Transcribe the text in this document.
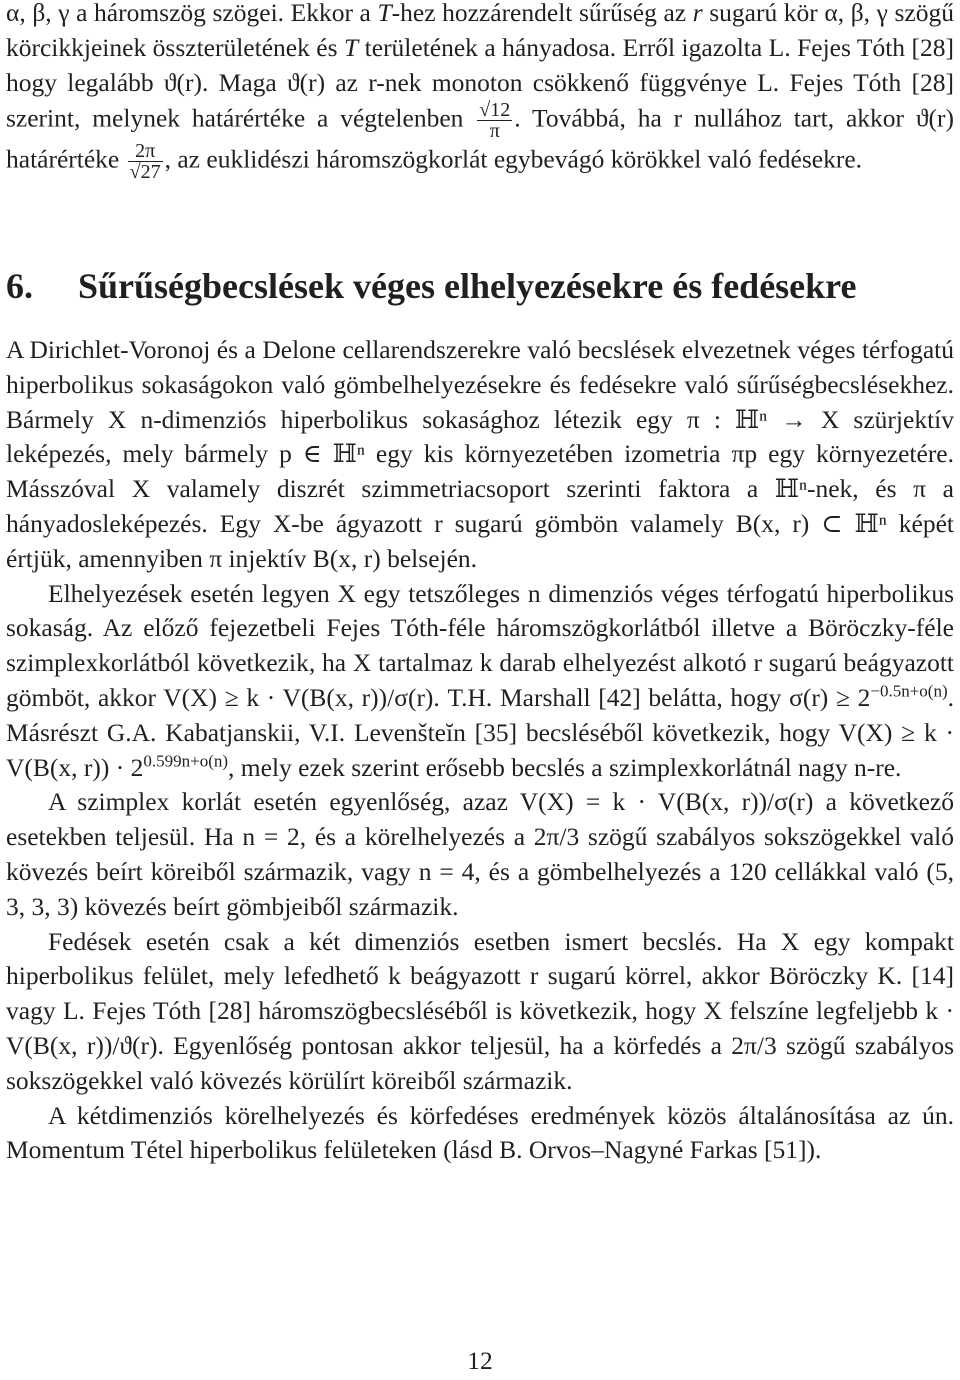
α, β, γ a háromszög szögei. Ekkor a T-hez hozzárendelt sűrűség az r sugarú kör α, β, γ szögű körcikkjeinek összterületének és T területének a hányadosa. Erről igazolta L. Fejes Tóth [28] hogy legalább ϑ(r). Maga ϑ(r) az r-nek monoton csökkenő függvénye L. Fejes Tóth [28] szerint, melynek határértéke a végtelenben $\frac{√12}{\pi}$ . Továbbá, ha r nullához tart, akkor ϑ(r) határértéke $\frac{2\pi}{√27}$ , az euklidészi háromszögkorlát egybevágó körökkel való fedésekre.
6. Sűrűségbecslések véges elhelyezésekre és fedésekre

A Dirichlet-Voronoj és a Delone cellarendszerekre való becslések elvezetnek véges térfogatú hiperbolikus sokaságokon való gömbelhelyezésekre és fedésekre való sűrűségbecslésekhez. Bármely X n-dimenziós hiperbolikus sokasághoz létezik egy π : ℍⁿ → X szürjektív leképezés, mely bármely p ∈ ℍⁿ egy kis környezetében izometria πp egy környezetére. Másszóval X valamely diszrét szimmetriacsoport szerinti faktora a ℍⁿ-nek, és π a hányadosleképezés. Egy X-be ágyazott r sugarú gömbön valamely B(x, r) ⊂ ℍⁿ képét értjük, amennyiben π injektív B(x, r) belsején.

Elhelyezések esetén legyen X egy tetszőleges n dimenziós véges térfogatú hiperbolikus sokaság. Az előző fejezetbeli Fejes Tóth-féle háromszögkorlátból illetve a Böröczky-féle szimplexkorlátból következik, ha X tartalmaz k darab elhelyezést alkotó r sugarú beágyazott gömböt, akkor V(X) ≥ k · V(B(x, r))/σ(r). T.H. Marshall [42] belátta, hogy $\sigma(r) \ge 2^{-0.5n+o(n)}$. Másrészt G.A. Kabatjanskii, V.I. Levenšteĭn [35] becsléséből következik, hogy V(X) ≥ k · V(B(x, $r)) \cdot 2^{0.599n+o(n)}$, mely ezek szerint erősebb becslés a szimplexkorlátnál nagy n-re.

A szimplex korlát esetén egyenlőség, azaz V(X) = k · V(B(x, r))/σ(r) a következő esetekben teljesül. Ha n = 2, és a körelhelyezés a 2π/3 szögű szabályos sokszögekkel való kövezés beírt köreiből származik, vagy n = 4, és a gömbelhelyezés a 120 cellákkal való (5, 3, 3, 3) kövezés beírt gömbjeiből származik.

Fedések esetén csak a két dimenziós esetben ismert becslés. Ha X egy kompakt hiperbolikus felület, mely lefedhető k beágyazott r sugarú körrel, akkor Böröczky K. [14] vagy L. Fejes Tóth [28] háromszögbecsléséből is következik, hogy X felszíne legfeljebb k · V(B(x, r))/ϑ(r). Egyenlőség pontosan akkor teljesül, ha a körfedés a 2π/3 szögű szabályos sokszögekkel való kövezés körülírt köreiből származik.

A kétdimenziós körelhelyezés és körfedéses eredmények közös általánosítása az ún. Momentum Tétel hiperbolikus felületeken (lásd B. Orvos–Nagyné Farkas [51]).

12
